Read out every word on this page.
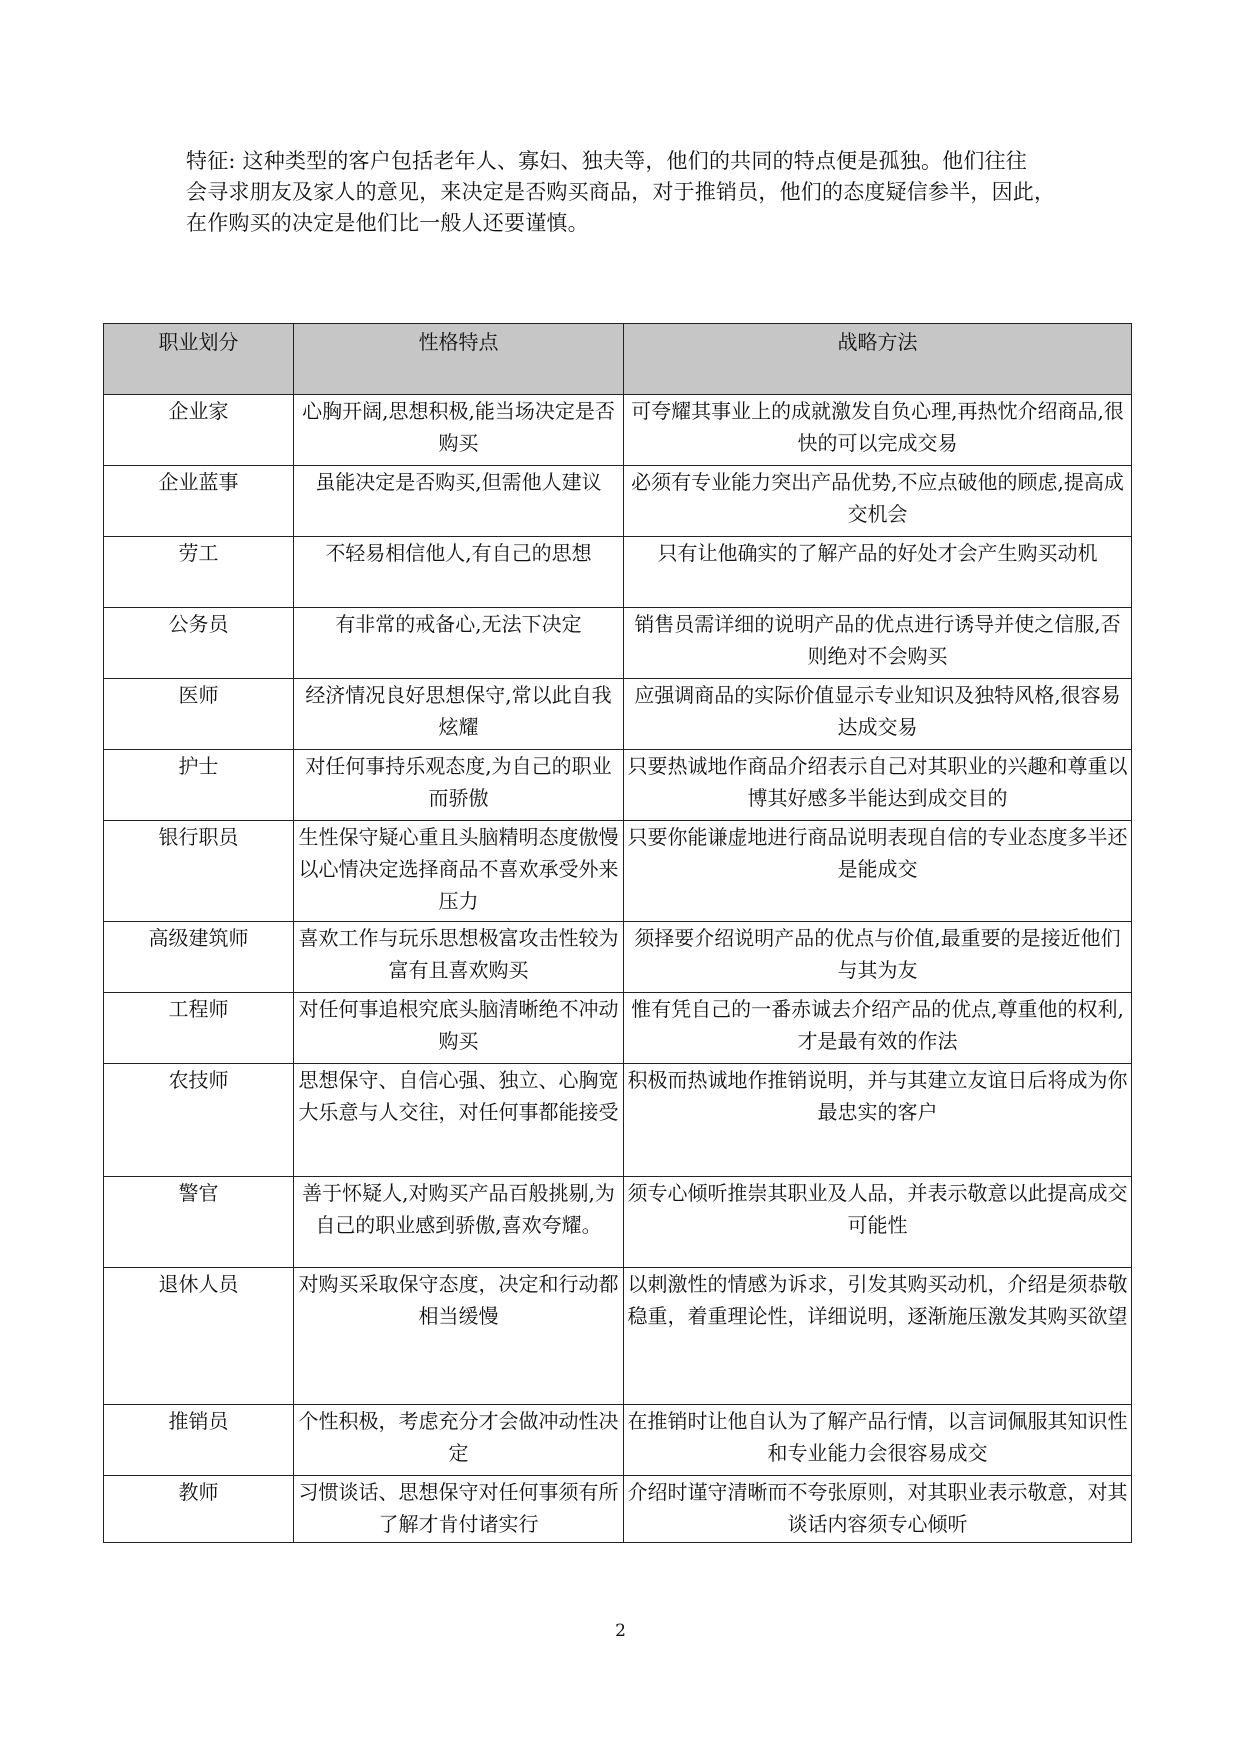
特征: 这种类型的客户包括老年人、寡妇、独夫等，他们的共同的特点便是孤独。他们往往
会寻求朋友及家人的意见，来决定是否购买商品，对于推销员，他们的态度疑信参半，因此，
在作购买的决定是他们比一般人还要谨慎。
职业划分	性格特点	战略方法

企业家	心胸开阔,思想积极,能当场决定是否购买	可夸耀其事业上的成就激发自负心理,再热忱介绍商品,很快的可以完成交易

企业蓝事	虽能决定是否购买,但需他人建议	必须有专业能力突出产品优势,不应点破他的顾虑,提高成交机会

劳工	不轻易相信他人,有自己的思想	只有让他确实的了解产品的好处才会产生购买动机

公务员	有非常的戒备心,无法下决定	销售员需详细的说明产品的优点进行诱导并使之信服,否则绝对不会购买

医师	经济情况良好思想保守,常以此自我炫耀	应强调商品的实际价值显示专业知识及独特风格,很容易达成交易

护士	对任何事持乐观态度,为自己的职业而骄傲	只要热诚地作商品介绍表示自己对其职业的兴趣和尊重以博其好感多半能达到成交目的

银行职员	生性保守疑心重且头脑精明态度傲慢以心情决定选择商品不喜欢承受外来压力	只要你能谦虚地进行商品说明表现自信的专业态度多半还是能成交

高级建筑师	喜欢工作与玩乐思想极富攻击性较为富有且喜欢购买	须择要介绍说明产品的优点与价值,最重要的是接近他们与其为友

工程师	对任何事追根究底头脑清晰绝不冲动购买	惟有凭自己的一番赤诚去介绍产品的优点,尊重他的权利,才是最有效的作法

农技师	思想保守、自信心强、独立、心胸宽大乐意与人交往，对任何事都能接受	积极而热诚地作推销说明，并与其建立友谊日后将成为你最忠实的客户

警官	善于怀疑人,对购买产品百般挑剔,为自己的职业感到骄傲,喜欢夸耀。	须专心倾听推崇其职业及人品，并表示敬意以此提高成交可能性

退休人员	对购买采取保守态度，决定和行动都相当缓慢	以刺激性的情感为诉求，引发其购买动机，介绍是须恭敬稳重，着重理论性，详细说明，逐渐施压激发其购买欲望

推销员	个性积极，考虑充分才会做冲动性决定	在推销时让他自认为了解产品行情，以言词佩服其知识性和专业能力会很容易成交

教师	习惯谈话、思想保守对任何事须有所了解才肯付诸实行	介绍时谨守清晰而不夸张原则，对其职业表示敬意，对其谈话内容须专心倾听
2
